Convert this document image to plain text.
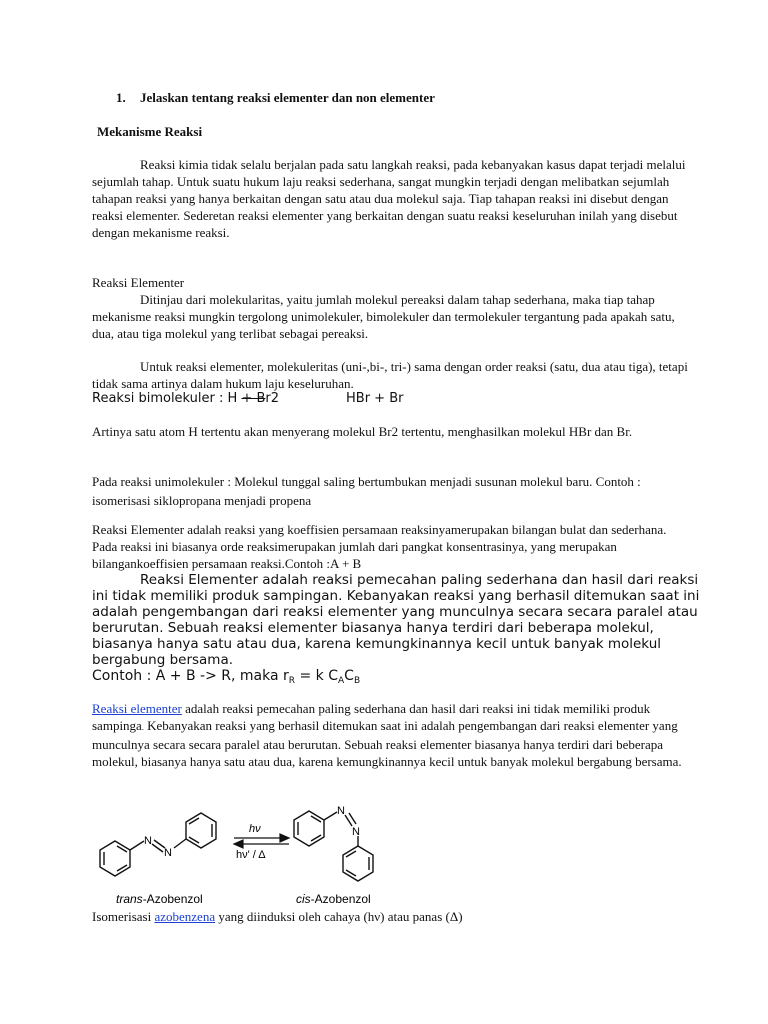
1. Jelaskan tentang reaksi elementer dan non elementer
Mekanisme Reaksi
Reaksi kimia tidak selalu berjalan pada satu langkah reaksi, pada kebanyakan kasus dapat terjadi melalui sejumlah tahap. Untuk suatu hukum laju reaksi sederhana, sangat mungkin terjadi dengan melibatkan sejumlah tahapan reaksi yang hanya berkaitan dengan satu atau dua molekul saja. Tiap tahapan reaksi ini disebut dengan reaksi elementer. Sederetan reaksi elementer yang berkaitan dengan suatu reaksi keseluruhan inilah yang disebut dengan mekanisme reaksi.
Reaksi Elementer
Ditinjau dari molekularitas, yaitu jumlah molekul pereaksi dalam tahap sederhana, maka tiap tahap mekanisme reaksi mungkin tergolong unimolekuler, bimolekuler dan termolekuler tergantung pada apakah satu, dua, atau tiga molekul yang terlibat sebagai pereaksi.
Untuk reaksi elementer, molekuleritas (uni-,bi-, tri-) sama dengan order reaksi (satu, dua atau tiga), tetapi tidak sama artinya dalam hukum laju keseluruhan.
Reaksi bimolekuler : H + Br2	HBr + Br
Artinya satu atom H tertentu akan menyerang molekul Br2 tertentu, menghasilkan molekul HBr dan Br.
Pada reaksi unimolekuler : Molekul tunggal saling bertumbukan menjadi susunan molekul baru. Contoh : isomerisasi siklopropana menjadi propena
Reaksi Elementer adalah reaksi yang koeffisien persamaan reaksinyamerupakan bilangan bulat dan sederhana. Pada reaksi ini biasanya orde reaksimerupakan jumlah dari pangkat konsentrasinya, yang merupakan bilangankoeffisien persamaan reaksi.Contoh :A + B
Reaksi Elementer adalah reaksi pemecahan paling sederhana dan hasil dari reaksi ini tidak memiliki produk sampingan. Kebanyakan reaksi yang berhasil ditemukan saat ini adalah pengembangan dari reaksi elementer yang munculnya secara secara paralel atau berurutan. Sebuah reaksi elementer biasanya hanya terdiri dari beberapa molekul, biasanya hanya satu atau dua, karena kemungkinannya kecil untuk banyak molekul bergabung bersama.
Contoh : A + B -> R, maka $r_R = k$ $C_AC_B$
Reaksi elementer adalah reaksi pemecahan paling sederhana dan hasil dari reaksi ini tidak memiliki produk sampinga. Kebanyakan reaksi yang berhasil ditemukan saat ini adalah pengembangan dari reaksi elementer yang munculnya secara secara paralel atau berurutan. Sebuah reaksi elementer biasanya hanya terdiri dari beberapa molekul, biasanya hanya satu atau dua, karena kemungkinannya kecil untuk banyak molekul bergabung bersama.
N
N
hν
hν' / Δ
N
N
trans-Azobenzol	cis-Azobenzol
Isomerisasi azobenzena yang diinduksi oleh cahaya (hν) atau panas (Δ)
